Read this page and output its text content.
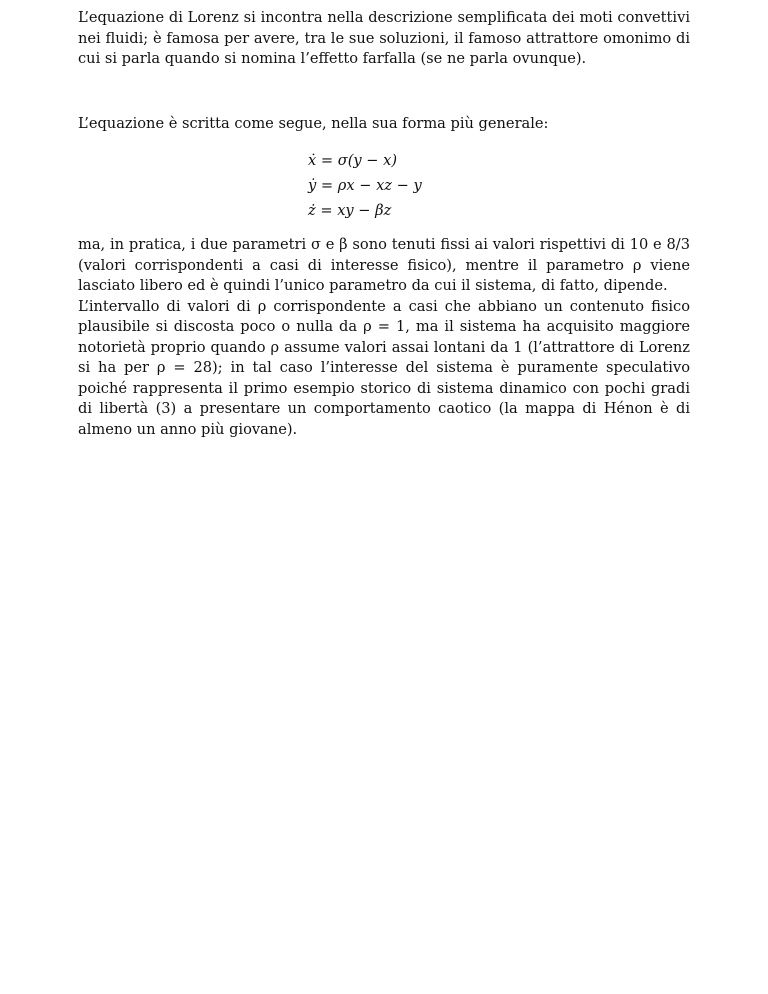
L’equazione di Lorenz si incontra nella descrizione semplificata dei moti convettivi nei fluidi; è famosa per avere, tra le sue soluzioni, il famoso attrattore omonimo di cui si parla quando si nomina l’effetto farfalla (se ne parla ovunque).

L’equazione è scritta come segue, nella sua forma più generale:

ẋ = σ(y − x)
ẏ = ρx − xz − y
ż = xy − βz

ma, in pratica, i due parametri σ e β sono tenuti fissi ai valori rispettivi di 10 e 8/3 (valori corrispondenti a casi di interesse fisico), mentre il parametro ρ viene lasciato libero ed è quindi l’unico parametro da cui il sistema, di fatto, dipende.

L’intervallo di valori di ρ corrispondente a casi che abbiano un contenuto fisico plausibile si discosta poco o nulla da ρ = 1, ma il sistema ha acquisito maggiore notorietà proprio quando ρ assume valori assai lontani da 1 (l’attrattore di Lorenz si ha per ρ = 28); in tal caso l’interesse del sistema è puramente speculativo poiché rappresenta il primo esempio storico di sistema dinamico con pochi gradi di libertà (3) a presentare un comportamento caotico (la mappa di Hénon è di almeno un anno più giovane).
